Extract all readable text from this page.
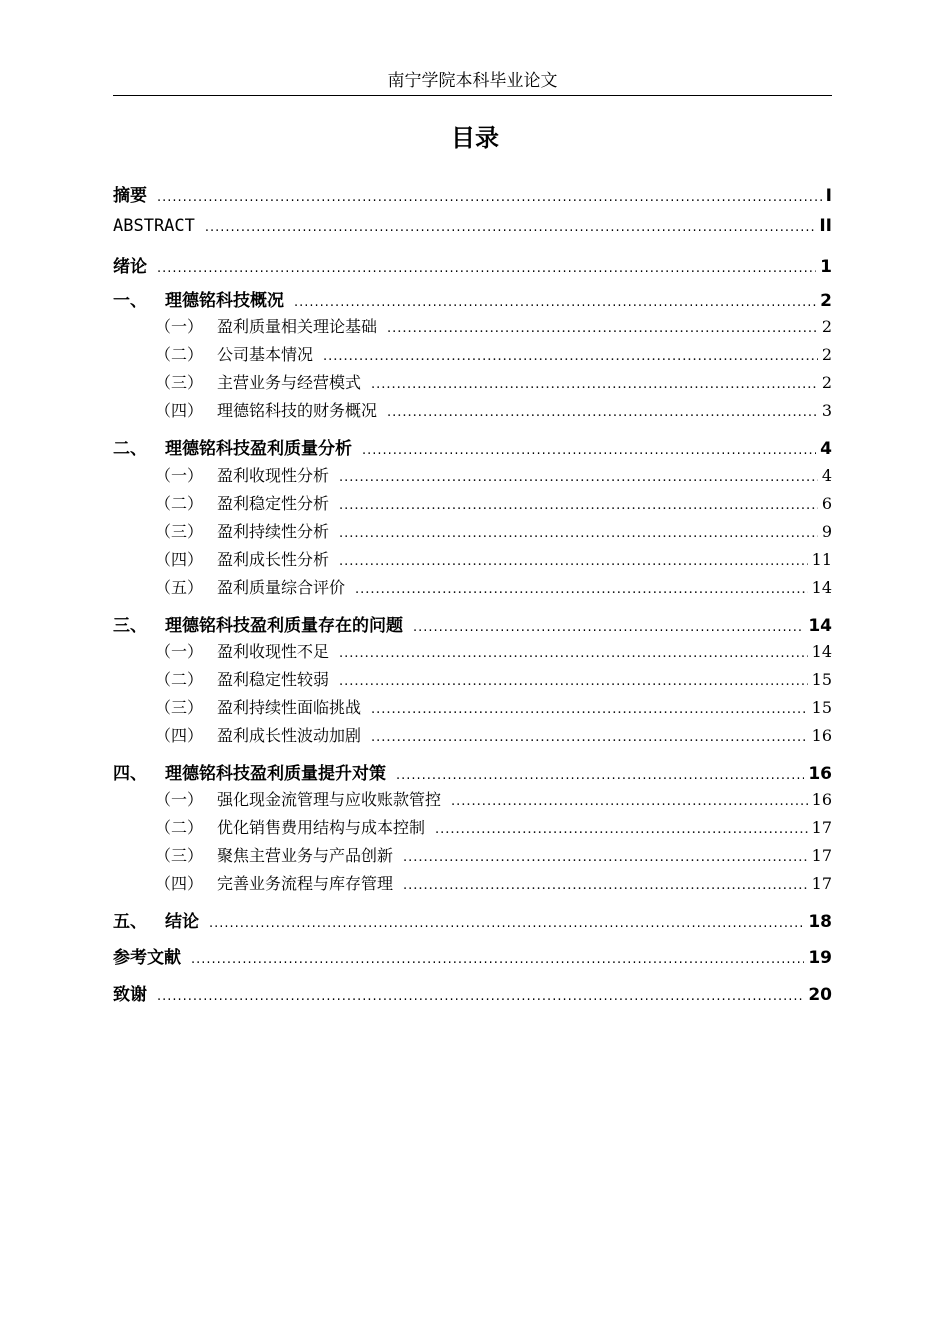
南宁学院本科毕业论文
目录
摘要 .....	I
ABSTRACT .....	II
绪论 .....	1
一、	理德铭科技概况 .....	2
（一） 盈利质量相关理论基础 .....	2
（二） 公司基本情况 .....	2
（三） 主营业务与经营模式 .....	2
（四） 理德铭科技的财务概况 .....	3
二、	理德铭科技盈利质量分析 .....	4
（一） 盈利收现性分析 .....	4
（二） 盈利稳定性分析 .....	6
（三） 盈利持续性分析 .....	9
（四） 盈利成长性分析 .....	11
（五） 盈利质量综合评价 .....	14
三、	理德铭科技盈利质量存在的问题 .....	14
（一） 盈利收现性不足 .....	14
（二） 盈利稳定性较弱 .....	15
（三） 盈利持续性面临挑战 .....	15
（四） 盈利成长性波动加剧 .....	16
四、	理德铭科技盈利质量提升对策 .....	16
（一） 强化现金流管理与应收账款管控 .....	16
（二） 优化销售费用结构与成本控制 .....	17
（三） 聚焦主营业务与产品创新 .....	17
（四） 完善业务流程与库存管理 .....	17
五、	结论 .....	18
参考文献 .....	19
致谢 .....	20
